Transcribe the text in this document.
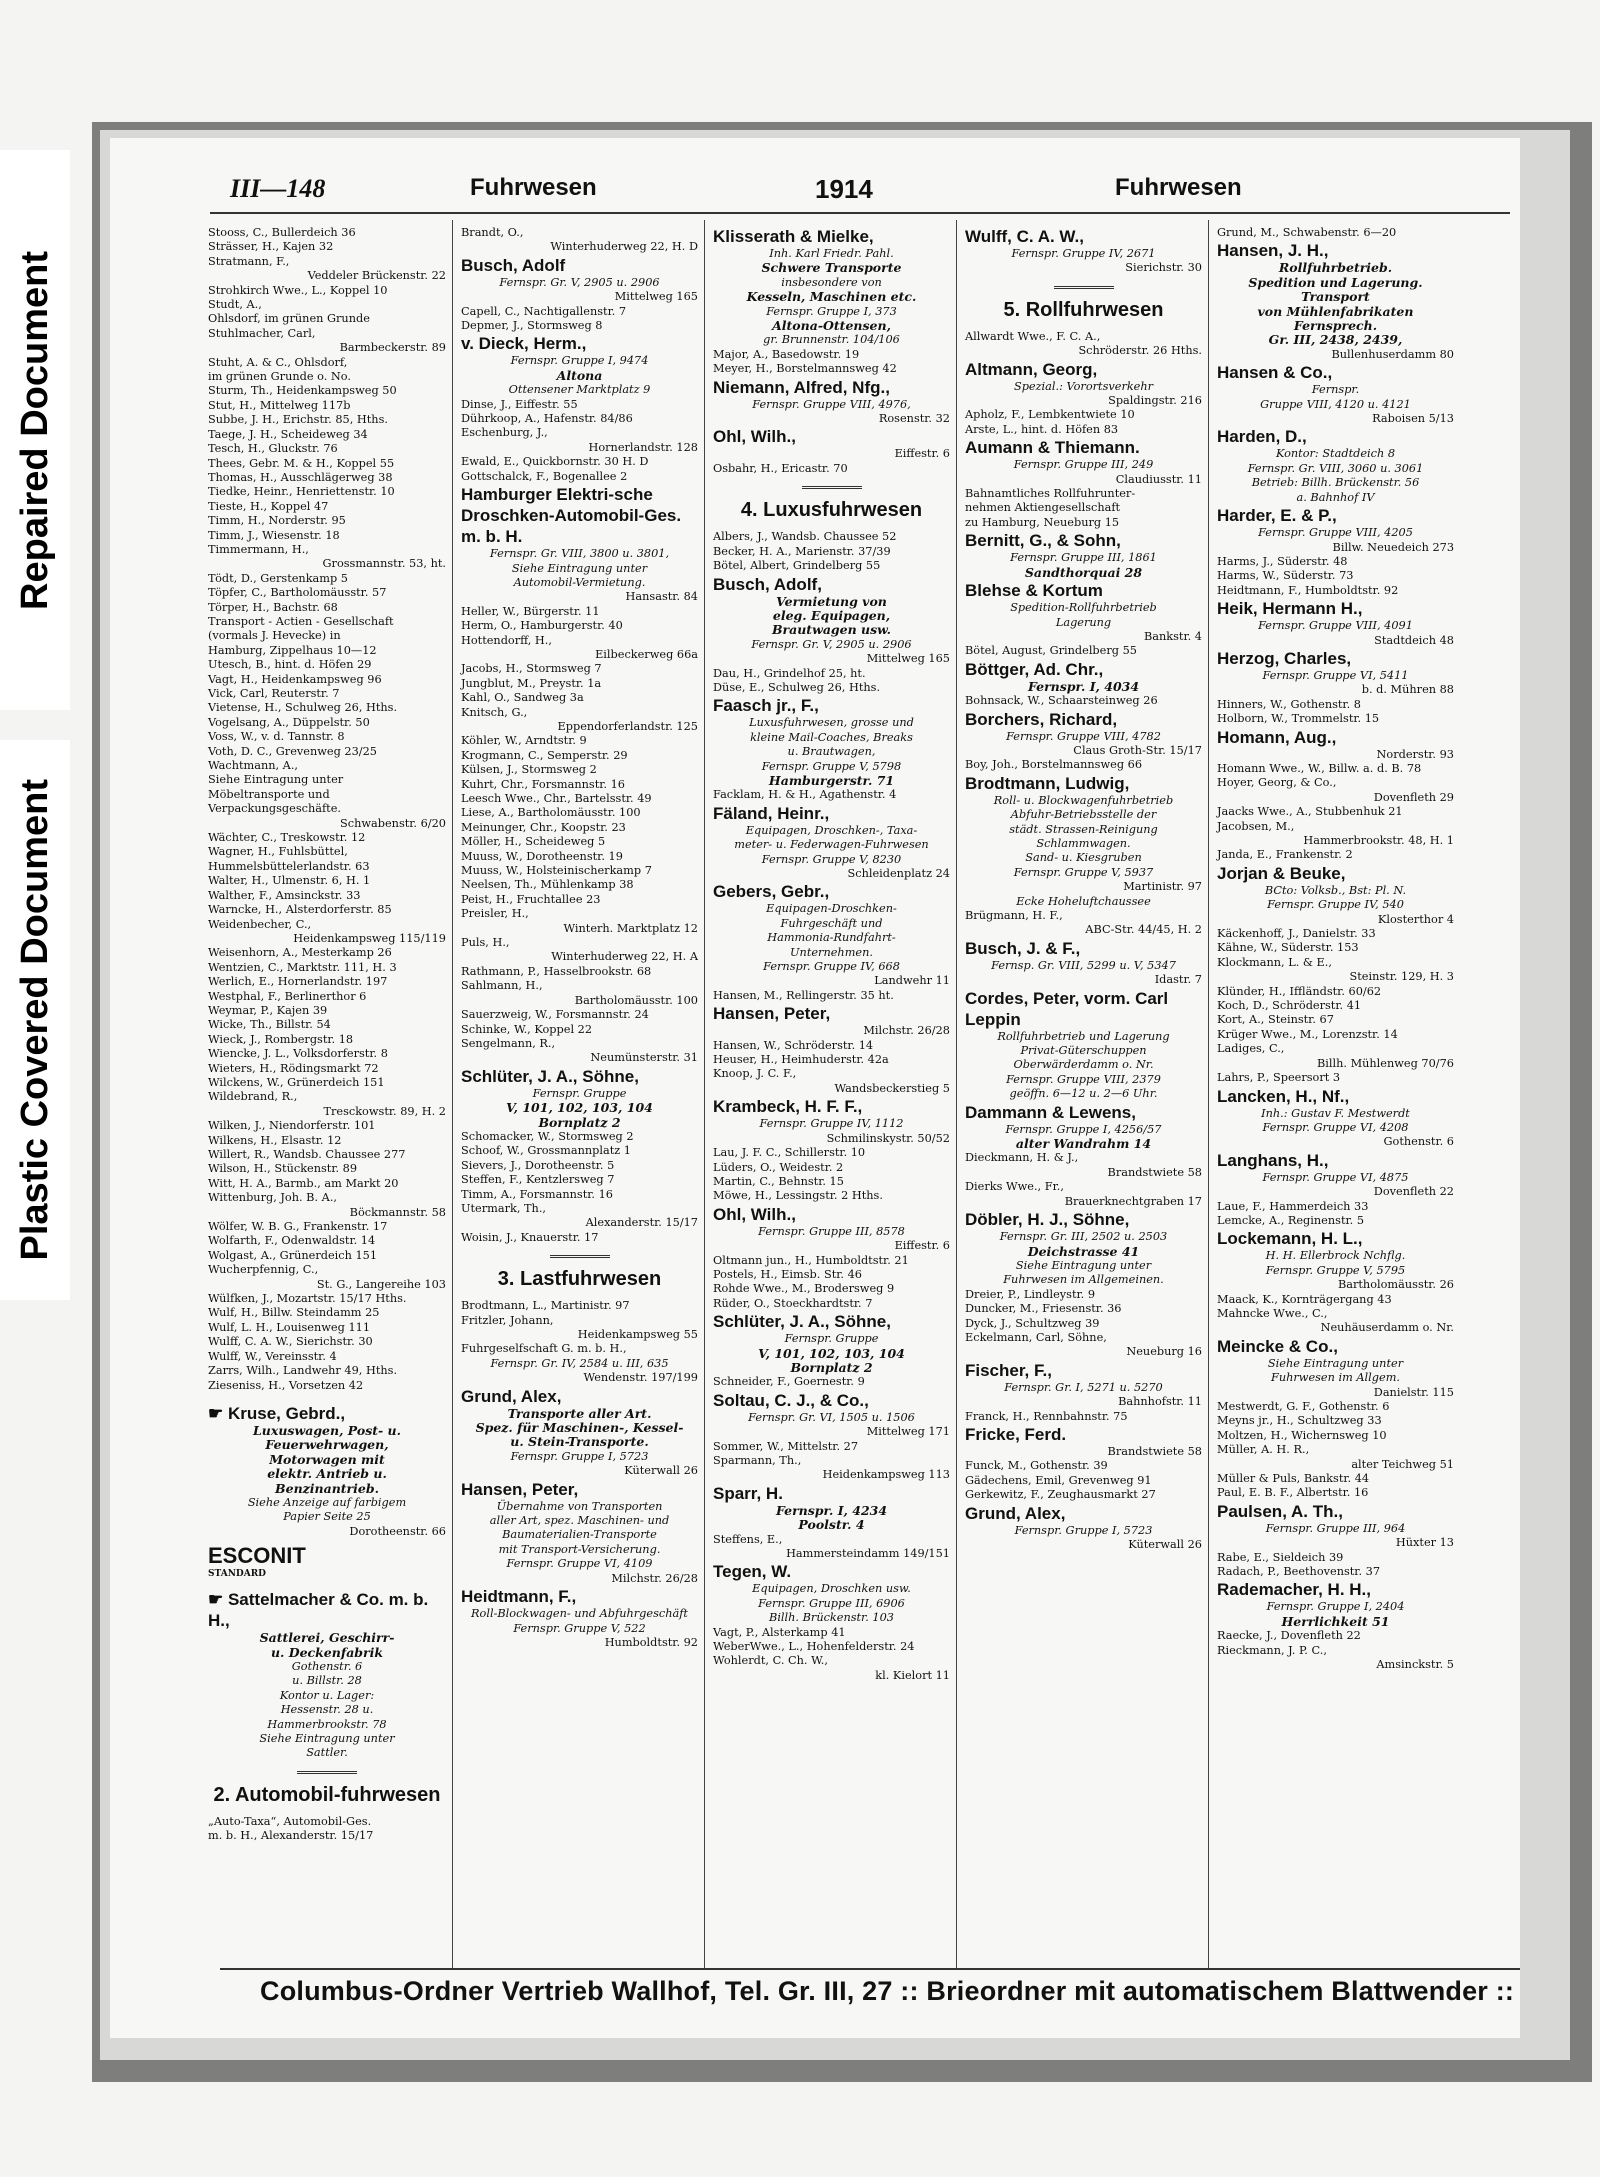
Repaired Document
Plastic Covered Document
III—148	Fuhrwesen	1914	Fuhrwesen
Stooss, C., Bullerdeich 36
Strässer, H., Kajen 32
Stratmann, F.,
Veddeler Brückenstr. 22
Strohkirch Wwe., L., Koppel 10
Studt, A.,
Ohlsdorf, im grünen Grunde
Stuhlmacher, Carl,
Barmbeckerstr. 89
Stuht, A. & C., Ohlsdorf,
im grünen Grunde o. No.
Sturm, Th., Heidenkampsweg 50
Stut, H., Mittelweg 117b
Subbe, J. H., Erichstr. 85, Hths.
Taege, J. H., Scheideweg 34
Tesch, H., Gluckstr. 76
Thees, Gebr. M. & H., Koppel 55
Thomas, H., Ausschlägerweg 38
Tiedke, Heinr., Henriettenstr. 10
Tieste, H., Koppel 47
Timm, H., Norderstr. 95
Timm, J., Wiesenstr. 18
Timmermann, H.,
Grossmannstr. 53, ht.
Tödt, D., Gerstenkamp 5
Töpfer, C., Bartholomäusstr. 57
Törper, H., Bachstr. 68
Transport - Actien - Gesellschaft
(vormals J. Hevecke) in
Hamburg, Zippelhaus 10—12
Utesch, B., hint. d. Höfen 29
Vagt, H., Heidenkampsweg 96
Vick, Carl, Reuterstr. 7
Vietense, H., Schulweg 26, Hths.
Vogelsang, A., Düppelstr. 50
Voss, W., v. d. Tannstr. 8
Voth, D. C., Grevenweg 23/25
Wachtmann, A.,
Siehe Eintragung unter
Möbeltransporte und
Verpackungsgeschäfte.
Schwabenstr. 6/20
Wächter, C., Treskowstr. 12
Wagner, H., Fuhlsbüttel,
Hummelsbüttelerlandstr. 63
Walter, H., Ulmenstr. 6, H. 1
Walther, F., Amsinckstr. 33
Warncke, H., Alsterdorferstr. 85
Weidenbecher, C.,
Heidenkampsweg 115/119
Weisenhorn, A., Mesterkamp 26
Wentzien, C., Marktstr. 111, H. 3
Werlich, E., Hornerlandstr. 197
Westphal, F., Berlinerthor 6
Weymar, P., Kajen 39
Wicke, Th., Billstr. 54
Wieck, J., Rombergstr. 18
Wiencke, J. L., Volksdorferstr. 8
Wieters, H., Rödingsmarkt 72
Wilckens, W., Grünerdeich 151
Wildebrand, R.,
Tresckowstr. 89, H. 2
Wilken, J., Niendorferstr. 101
Wilkens, H., Elsastr. 12
Willert, R., Wandsb. Chaussee 277
Wilson, H., Stückenstr. 89
Witt, H. A., Barmb., am Markt 20
Wittenburg, Joh. B. A.,
Böckmannstr. 58
Wölfer, W. B. G., Frankenstr. 17
Wolfarth, F., Odenwaldstr. 14
Wolgast, A., Grünerdeich 151
Wucherpfennig, C.,
St. G., Langereihe 103
Wülfken, J., Mozartstr. 15/17 Hths.
Wulf, H., Billw. Steindamm 25
Wulf, L. H., Louisenweg 111
Wulff, C. A. W., Sierichstr. 30
Wulff, W., Vereinsstr. 4
Zarrs, Wilh., Landwehr 49, Hths.
Zieseniss, H., Vorsetzen 42
☛ Kruse, Gebrd.,
Luxuswagen, Post- u.
Feuerwehrwagen,
Motorwagen mit
elektr. Antrieb u.
Benzinantrieb.
Siehe Anzeige auf farbigem
Papier Seite 25
Dorotheenstr. 66
ESCONIT
STANDARD
☛ Sattelmacher & Co. m. b. H.,
Sattlerei, Geschirr-
u. Deckenfabrik
Gothenstr. 6
u. Billstr. 28
Kontor u. Lager:
Hessenstr. 28 u.
Hammerbrookstr. 78
Siehe Eintragung unter
Sattler.
2. Automobil-fuhrwesen
„Auto-Taxa“, Automobil-Ges.
m. b. H., Alexanderstr. 15/17
Brandt, O.,
Winterhuderweg 22, H. D
Busch, Adolf
Fernspr. Gr. V, 2905 u. 2906
Mittelweg 165
Capell, C., Nachtigallenstr. 7
Depmer, J., Stormsweg 8
v. Dieck, Herm.,
Fernspr. Gruppe I, 9474
Altona
Ottensener Marktplatz 9
Dinse, J., Eiffestr. 55
Dührkoop, A., Hafenstr. 84/86
Eschenburg, J.,
Hornerlandstr. 128
Ewald, E., Quickbornstr. 30 H. D
Gottschalck, F., Bogenallee 2
Hamburger Elektri-sche Droschken-Automobil-Ges. m. b. H.
Fernspr. Gr. VIII, 3800 u. 3801,
Siehe Eintragung unter
Automobil-Vermietung.
Hansastr. 84
Heller, W., Bürgerstr. 11
Herm, O., Hamburgerstr. 40
Hottendorff, H.,
Eilbeckerweg 66a
Jacobs, H., Stormsweg 7
Jungblut, M., Preystr. 1a
Kahl, O., Sandweg 3a
Knitsch, G.,
Eppendorferlandstr. 125
Köhler, W., Arndtstr. 9
Krogmann, C., Semperstr. 29
Külsen, J., Stormsweg 2
Kuhrt, Chr., Forsmannstr. 16
Leesch Wwe., Chr., Bartelsstr. 49
Liese, A., Bartholomäusstr. 100
Meinunger, Chr., Koopstr. 23
Möller, H., Scheideweg 5
Muuss, W., Dorotheenstr. 19
Muuss, W., Holsteinischerkamp 7
Neelsen, Th., Mühlenkamp 38
Peist, H., Fruchtallee 23
Preisler, H.,
Winterh. Marktplatz 12
Puls, H.,
Winterhuderweg 22, H. A
Rathmann, P., Hasselbrookstr. 68
Sahlmann, H.,
Bartholomäusstr. 100
Sauerzweig, W., Forsmannstr. 24
Schinke, W., Koppel 22
Sengelmann, R.,
Neumünsterstr. 31
Schlüter, J. A., Söhne,
Fernspr. Gruppe
V, 101, 102, 103, 104
Bornplatz 2
Schomacker, W., Stormsweg 2
Schoof, W., Grossmannplatz 1
Sievers, J., Dorotheenstr. 5
Steffen, F., Kentzlersweg 7
Timm, A., Forsmannstr. 16
Utermark, Th.,
Alexanderstr. 15/17
Woisin, J., Knauerstr. 17
3. Lastfuhrwesen
Brodtmann, L., Martinistr. 97
Fritzler, Johann,
Heidenkampsweg 55
Fuhrgeselfschaft G. m. b. H.,
Fernspr. Gr. IV, 2584 u. III, 635
Wendenstr. 197/199
Grund, Alex,
Transporte aller Art.
Spez. für Maschinen-, Kessel-
u. Stein-Transporte.
Fernspr. Gruppe I, 5723
Küterwall 26
Hansen, Peter,
Übernahme von Transporten
aller Art, spez. Maschinen- und
Baumaterialien-Transporte
mit Transport-Versicherung.
Fernspr. Gruppe VI, 4109
Milchstr. 26/28
Heidtmann, F.,
Roll-Blockwagen- und Abfuhrgeschäft
Fernspr. Gruppe V, 522
Humboldtstr. 92
Klisserath & Mielke,
Inh. Karl Friedr. Pahl.
Schwere Transporte
insbesondere von
Kesseln, Maschinen etc.
Fernspr. Gruppe I, 373
Altona-Ottensen,
gr. Brunnenstr. 104/106
Major, A., Basedowstr. 19
Meyer, H., Borstelmannsweg 42
Niemann, Alfred, Nfg.,
Fernspr. Gruppe VIII, 4976,
Rosenstr. 32
Ohl, Wilh.,
Eiffestr. 6
Osbahr, H., Ericastr. 70
4. Luxusfuhrwesen
Albers, J., Wandsb. Chaussee 52
Becker, H. A., Marienstr. 37/39
Bötel, Albert, Grindelberg 55
Busch, Adolf,
Vermietung von
eleg. Equipagen,
Brautwagen usw.
Fernspr. Gr. V, 2905 u. 2906
Mittelweg 165
Dau, H., Grindelhof 25, ht.
Düse, E., Schulweg 26, Hths.
Faasch jr., F.,
Luxusfuhrwesen, grosse und
kleine Mail-Coaches, Breaks
u. Brautwagen,
Fernspr. Gruppe V, 5798
Hamburgerstr. 71
Facklam, H. & H., Agathenstr. 4
Fäland, Heinr.,
Equipagen, Droschken-, Taxa-
meter- u. Federwagen-Fuhrwesen
Fernspr. Gruppe V, 8230
Schleidenplatz 24
Gebers, Gebr.,
Equipagen-Droschken-
Fuhrgeschäft und
Hammonia-Rundfahrt-
Unternehmen.
Fernspr. Gruppe IV, 668
Landwehr 11
Hansen, M., Rellingerstr. 35 ht.
Hansen, Peter,
Milchstr. 26/28
Hansen, W., Schröderstr. 14
Heuser, H., Heimhuderstr. 42a
Knoop, J. C. F.,
Wandsbeckerstieg 5
Krambeck, H. F. F.,
Fernspr. Gruppe IV, 1112
Schmilinskystr. 50/52
Lau, J. F. C., Schillerstr. 10
Lüders, O., Weidestr. 2
Martin, C., Behnstr. 15
Möwe, H., Lessingstr. 2 Hths.
Ohl, Wilh.,
Fernspr. Gruppe III, 8578
Eiffestr. 6
Oltmann jun., H., Humboldtstr. 21
Postels, H., Eimsb. Str. 46
Rohde Wwe., M., Brodersweg 9
Rüder, O., Stoeckhardtstr. 7
Schlüter, J. A., Söhne,
Fernspr. Gruppe
V, 101, 102, 103, 104
Bornplatz 2
Schneider, F., Goernestr. 9
Soltau, C. J., & Co.,
Fernspr. Gr. VI, 1505 u. 1506
Mittelweg 171
Sommer, W., Mittelstr. 27
Sparmann, Th.,
Heidenkampsweg 113
Sparr, H.
Fernspr. I, 4234
Poolstr. 4
Steffens, E.,
Hammersteindamm 149/151
Tegen, W.
Equipagen, Droschken usw.
Fernspr. Gruppe III, 6906
Billh. Brückenstr. 103
Vagt, P., Alsterkamp 41
WeberWwe., L., Hohenfelderstr. 24
Wohlerdt, C. Ch. W.,
kl. Kielort 11
Wulff, C. A. W.,
Fernspr. Gruppe IV, 2671
Sierichstr. 30
5. Rollfuhrwesen
Allwardt Wwe., F. C. A.,
Schröderstr. 26 Hths.
Altmann, Georg,
Spezial.: Vorortsverkehr
Spaldingstr. 216
Apholz, F., Lembkentwiete 10
Arste, L., hint. d. Höfen 83
Aumann & Thiemann.
Fernspr. Gruppe III, 249
Claudiusstr. 11
Bahnamtliches Rollfuhrunter-
nehmen Aktiengesellschaft
zu Hamburg, Neueburg 15
Bernitt, G., & Sohn,
Fernspr. Gruppe III, 1861
Sandthorquai 28
Blehse & Kortum
Spedition-Rollfuhrbetrieb
Lagerung
Bankstr. 4
Bötel, August, Grindelberg 55
Böttger, Ad. Chr.,
Fernspr. I, 4034
Bohnsack, W., Schaarsteinweg 26
Borchers, Richard,
Fernspr. Gruppe VIII, 4782
Claus Groth-Str. 15/17
Boy, Joh., Borstelmannsweg 66
Brodtmann, Ludwig,
Roll- u. Blockwagenfuhrbetrieb
Abfuhr-Betriebsstelle der
städt. Strassen-Reinigung
Schlammwagen.
Sand- u. Kiesgruben
Fernspr. Gruppe V, 5937
Martinistr. 97
Ecke Hoheluftchaussee
Brügmann, H. F.,
ABC-Str. 44/45, H. 2
Busch, J. & F.,
Fernsp. Gr. VIII, 5299 u. V, 5347
Idastr. 7
Cordes, Peter, vorm. Carl Leppin
Rollfuhrbetrieb und Lagerung
Privat-Güterschuppen
Oberwärderdamm o. Nr.
Fernspr. Gruppe VIII, 2379
geöffn. 6—12 u. 2—6 Uhr.
Dammann & Lewens,
Fernspr. Gruppe I, 4256/57
alter Wandrahm 14
Dieckmann, H. & J.,
Brandstwiete 58
Dierks Wwe., Fr.,
Brauerknechtgraben 17
Döbler, H. J., Söhne,
Fernspr. Gr. III, 2502 u. 2503
Deichstrasse 41
Siehe Eintragung unter
Fuhrwesen im Allgemeinen.
Dreier, P., Lindleystr. 9
Duncker, M., Friesenstr. 36
Dyck, J., Schultzweg 39
Eckelmann, Carl, Söhne,
Neueburg 16
Fischer, F.,
Fernspr. Gr. I, 5271 u. 5270
Bahnhofstr. 11
Franck, H., Rennbahnstr. 75
Fricke, Ferd.
Brandstwiete 58
Funck, M., Gothenstr. 39
Gädechens, Emil, Grevenweg 91
Gerkewitz, F., Zeughausmarkt 27
Grund, Alex,
Fernspr. Gruppe I, 5723
Küterwall 26
Grund, M., Schwabenstr. 6—20
Hansen, J. H.,
Rollfuhrbetrieb.
Spedition und Lagerung. Transport
von Mühlenfabrikaten
Fernsprech.
Gr. III, 2438, 2439,
Bullenhuserdamm 80
Hansen & Co.,
Fernspr.
Gruppe VIII, 4120 u. 4121
Raboisen 5/13
Harden, D.,
Kontor: Stadtdeich 8
Fernspr. Gr. VIII, 3060 u. 3061
Betrieb: Billh. Brückenstr. 56
a. Bahnhof IV
Harder, E. & P.,
Fernspr. Gruppe VIII, 4205
Billw. Neuedeich 273
Harms, J., Süderstr. 48
Harms, W., Süderstr. 73
Heidtmann, F., Humboldtstr. 92
Heik, Hermann H.,
Fernspr. Gruppe VIII, 4091
Stadtdeich 48
Herzog, Charles,
Fernspr. Gruppe VI, 5411
b. d. Mühren 88
Hinners, W., Gothenstr. 8
Holborn, W., Trommelstr. 15
Homann, Aug.,
Norderstr. 93
Homann Wwe., W., Billw. a. d. B. 78
Hoyer, Georg, & Co.,
Dovenfleth 29
Jaacks Wwe., A., Stubbenhuk 21
Jacobsen, M.,
Hammerbrookstr. 48, H. 1
Janda, E., Frankenstr. 2
Jorjan & Beuke,
BCto: Volksb., Bst: Pl. N.
Fernspr. Gruppe IV, 540
Klosterthor 4
Käckenhoff, J., Danielstr. 33
Kähne, W., Süderstr. 153
Klockmann, L. & E.,
Steinstr. 129, H. 3
Klünder, H., Iffländstr. 60/62
Koch, D., Schröderstr. 41
Kort, A., Steinstr. 67
Krüger Wwe., M., Lorenzstr. 14
Ladiges, C.,
Billh. Mühlenweg 70/76
Lahrs, P., Speersort 3
Lancken, H., Nf.,
Inh.: Gustav F. Mestwerdt
Fernspr. Gruppe VI, 4208
Gothenstr. 6
Langhans, H.,
Fernspr. Gruppe VI, 4875
Dovenfleth 22
Laue, F., Hammerdeich 33
Lemcke, A., Reginenstr. 5
Lockemann, H. L.,
H. H. Ellerbrock Nchflg.
Fernspr. Gruppe V, 5795
Bartholomäusstr. 26
Maack, K., Kornträgergang 43
Mahncke Wwe., C.,
Neuhäuserdamm o. Nr.
Meincke & Co.,
Siehe Eintragung unter
Fuhrwesen im Allgem.
Danielstr. 115
Mestwerdt, G. F., Gothenstr. 6
Meyns jr., H., Schultzweg 33
Moltzen, H., Wichernsweg 10
Müller, A. H. R.,
alter Teichweg 51
Müller & Puls, Bankstr. 44
Paul, E. B. F., Albertstr. 16
Paulsen, A. Th.,
Fernspr. Gruppe III, 964
Hüxter 13
Rabe, E., Sieldeich 39
Radach, P., Beethovenstr. 37
Rademacher, H. H.,
Fernspr. Gruppe I, 2404
Herrlichkeit 51
Raecke, J., Dovenfleth 22
Rieckmann, J. P. C.,
Amsinckstr. 5
Columbus-Ordner Vertrieb Wallhof, Tel. Gr. III, 27 :: Brieordner mit automatischem Blattwender ::
